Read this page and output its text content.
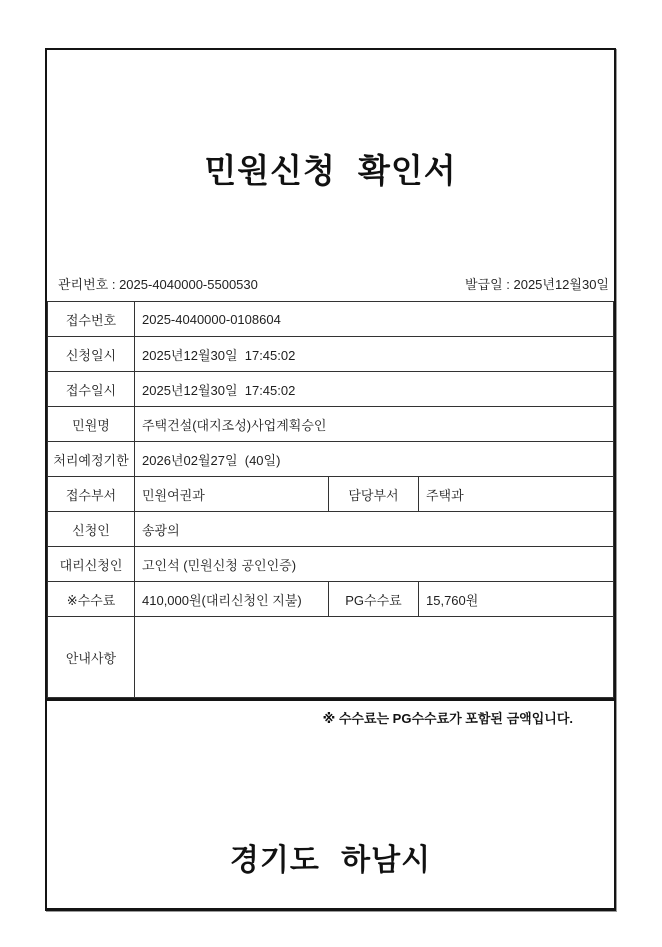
민원신청 확인서
관리번호 : 2025-4040000-5500530	발급일 : 2025년12월30일
접수번호	2025-4040000-0108604		
신청일시	2025년12월30일  17:45:02		
접수일시	2025년12월30일  17:45:02		
민원명	주택건설(대지조성)사업계획승인		
처리예정기한	2026년02월27일  (40일)		
접수부서	민원여권과	담당부서	주택과
신청인	송광의		
대리신청인	고인석 (민원신청 공인인증)		
※수수료	410,000원(대리신청인 지불)	PG수수료	15,760원
안내사항			
※ 수수료는 PG수수료가 포함된 금액입니다.
경기도 하남시
